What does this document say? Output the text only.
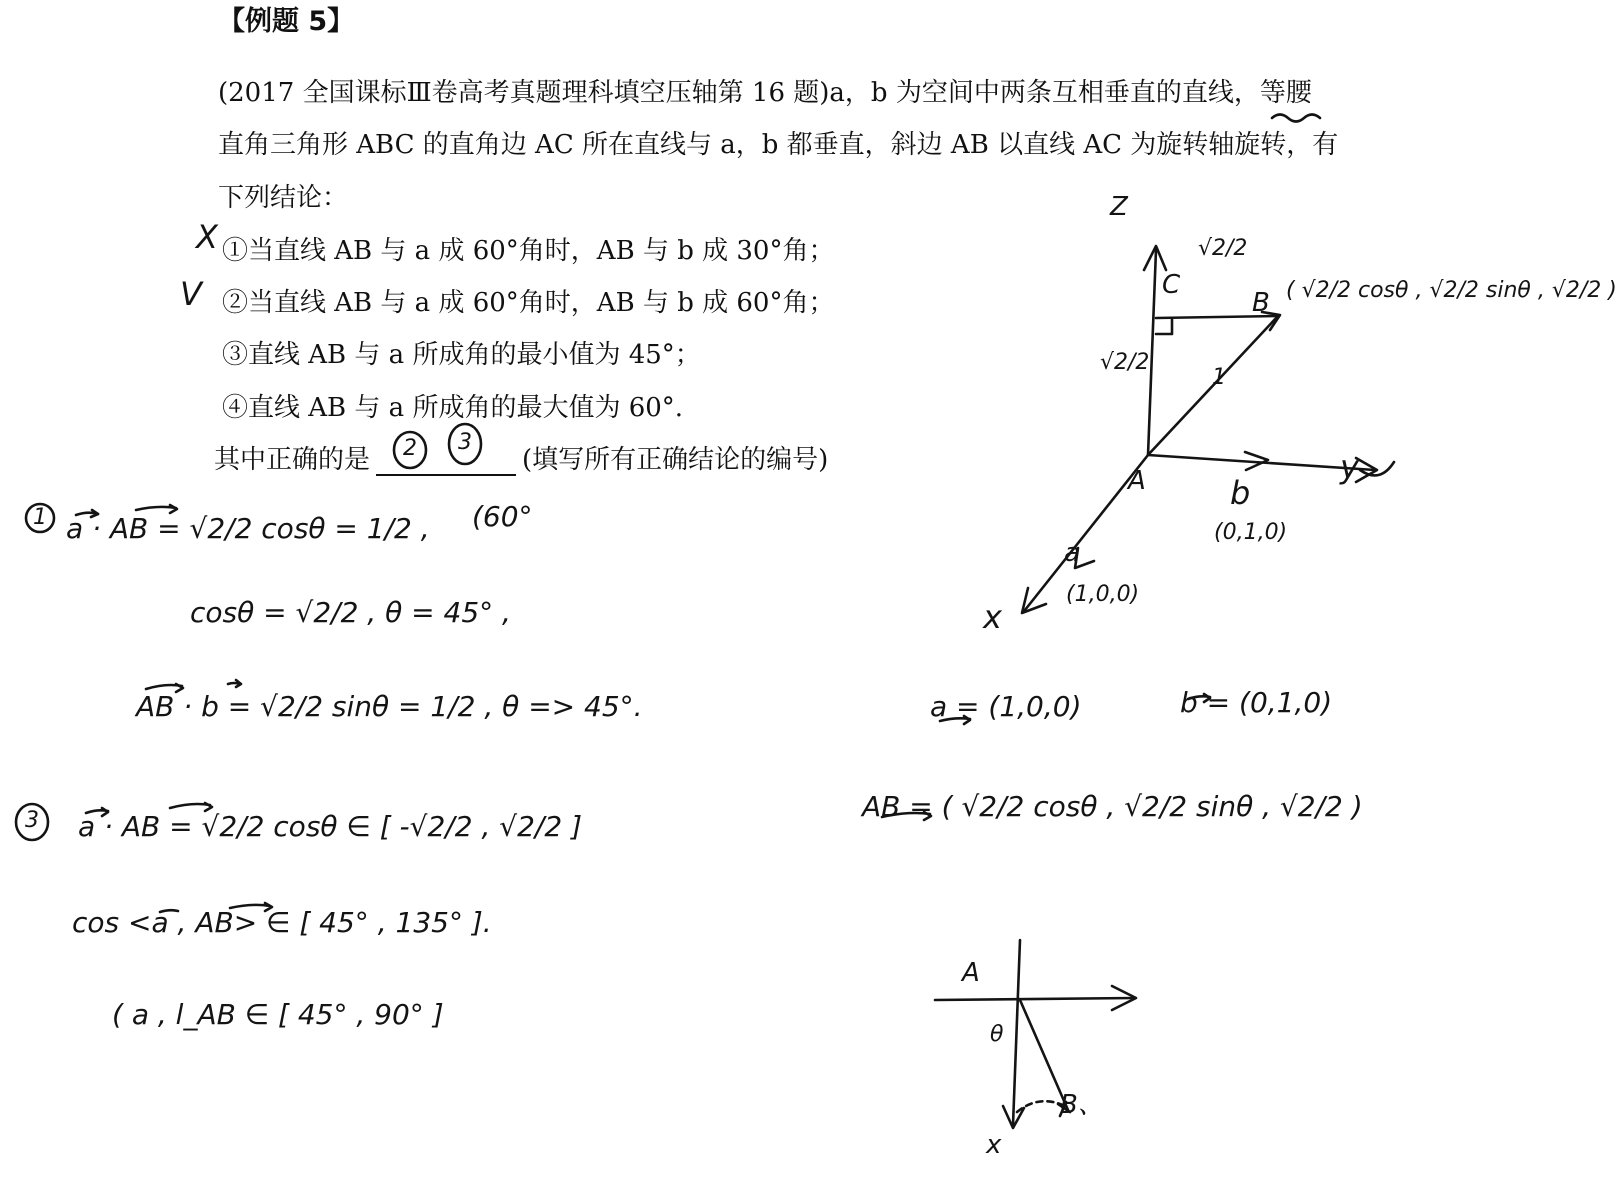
【例题 5】
(2017 全国课标Ⅲ卷高考真题理科填空压轴第 16 题)a，b 为空间中两条互相垂直的直线，等腰
直角三角形 ABC 的直角边 AC 所在直线与 a，b 都垂直，斜边 AB 以直线 AC 为旋转轴旋转，有
下列结论：
①当直线 AB 与 a 成 60°角时，AB 与 b 成 30°角；
②当直线 AB 与 a 成 60°角时，AB 与 b 成 60°角；
③直线 AB 与 a 所成角的最小值为 45°；
④直线 AB 与 a 所成角的最大值为 60°.
其中正确的是	(填写所有正确结论的编号)
X
V
2 3
1 a · AB = √2/2 cosθ = 1/2 , (60°
cosθ = √2/2 , θ = 45° ,
AB · b = √2/2 sinθ = 1/2 , θ => 45°.
3 a · AB = √2/2 cosθ ∈ [ -√2/2 , √2/2 ]
cos <a , AB> ∈ [ 45° , 135° ].
( a , l_AB ∈ [ 45° , 90° ]
Z
y
x
A
B
C
√2/2
√2/2
1
( √2/2 cosθ , √2/2 sinθ , √2/2 )
a
(1,0,0)
b
(0,1,0)
a = (1,0,0)	b = (0,1,0)
AB = ( √2/2 cosθ , √2/2 sinθ , √2/2 )
A
θ
B、
x
